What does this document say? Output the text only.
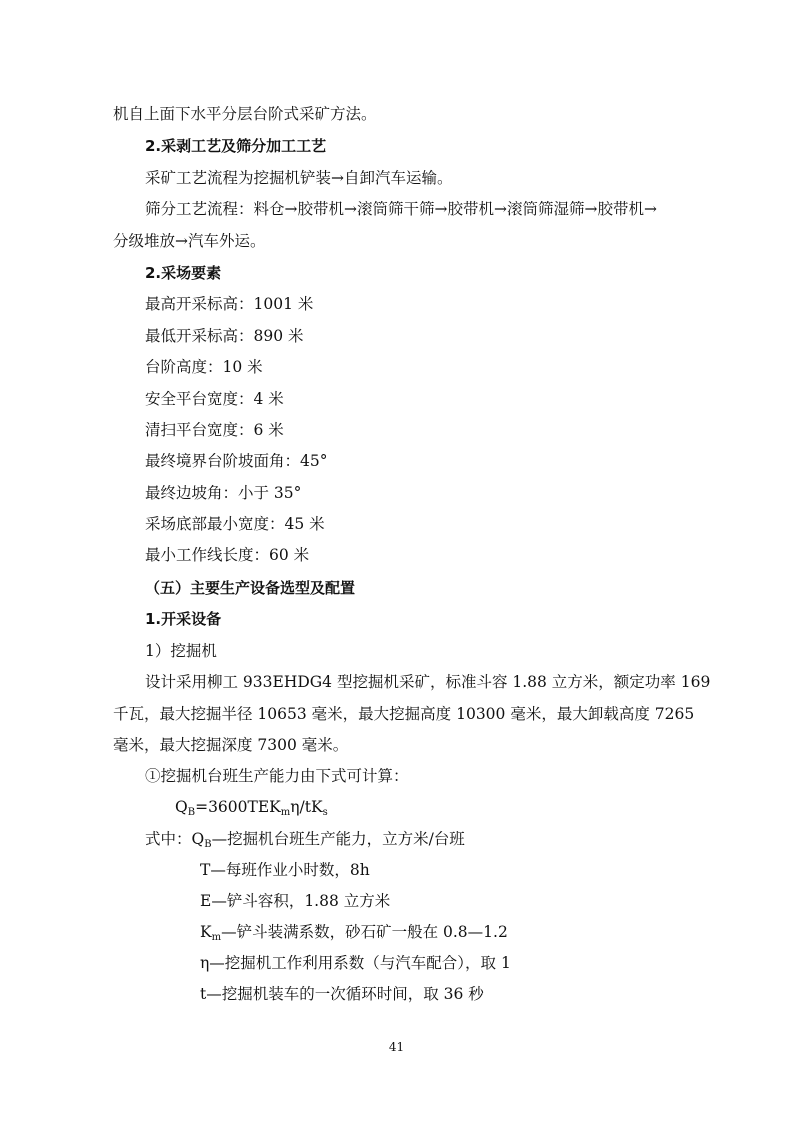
机自上面下水平分层台阶式采矿方法。
2.采剥工艺及筛分加工工艺
采矿工艺流程为挖掘机铲装→自卸汽车运输。
筛分工艺流程：料仓→胶带机→滚筒筛干筛→胶带机→滚筒筛湿筛→胶带机→
分级堆放→汽车外运。
2.采场要素
最高开采标高：1001 米
最低开采标高：890 米
台阶高度：10 米
安全平台宽度：4 米
清扫平台宽度：6 米
最终境界台阶坡面角：45°
最终边坡角：小于 35°
采场底部最小宽度：45 米
最小工作线长度：60 米
（五）主要生产设备选型及配置
1.开采设备
1）挖掘机
设计采用柳工 933EHDG4 型挖掘机采矿，标准斗容 1.88 立方米，额定功率 169
千瓦，最大挖掘半径 10653 毫米，最大挖掘高度 10300 毫米，最大卸载高度 7265
毫米，最大挖掘深度 7300 毫米。
①挖掘机台班生产能力由下式可计算：
$Q_B=3600TEK_m\eta/tK_s$
式中：$Q_B—$挖掘机台班生产能力，立方米/台班
T—每班作业小时数，8h
E—铲斗容积，1.88 立方米
$K_m—$铲斗装满系数，砂石矿一般在 0.8—1.2
η—挖掘机工作利用系数（与汽车配合），取 1
t—挖掘机装车的一次循环时间，取 36 秒
41
